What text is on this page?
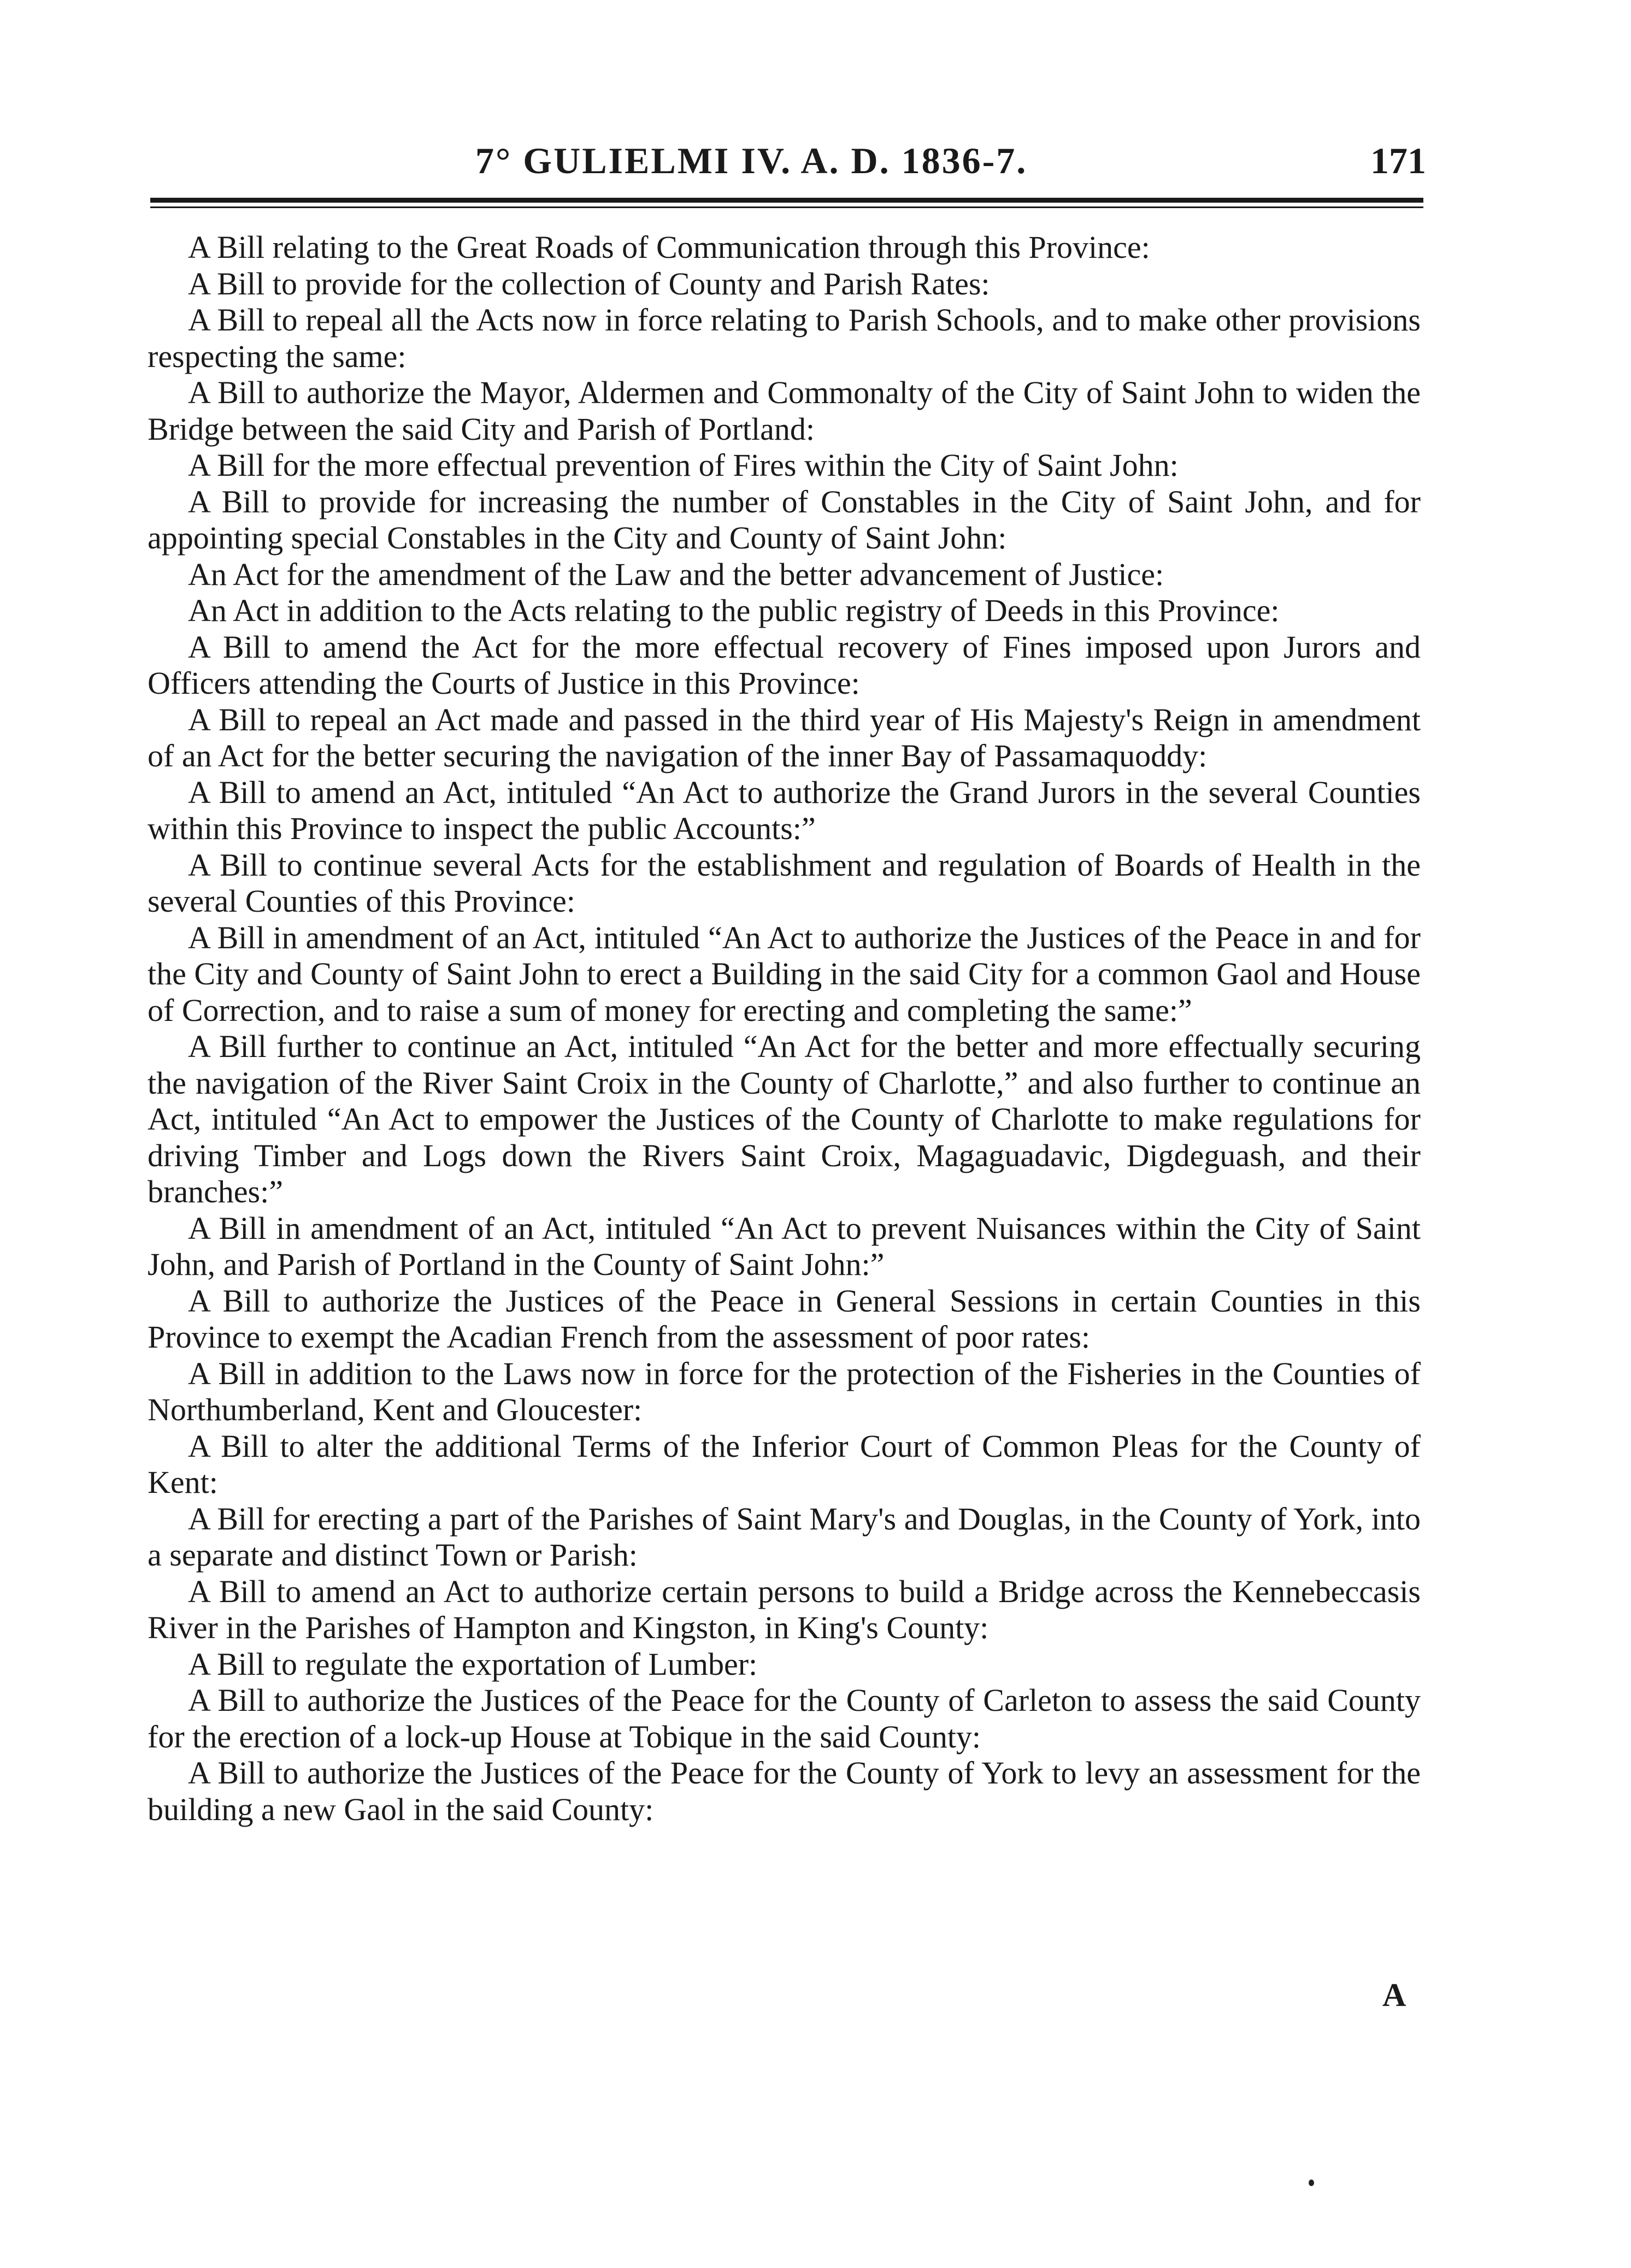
7° GULIELMI IV. A. D. 1836-7.	171

A Bill relating to the Great Roads of Communication through this Province:

A Bill to provide for the collection of County and Parish Rates:

A Bill to repeal all the Acts now in force relating to Parish Schools, and to make other provisions respecting the same:

A Bill to authorize the Mayor, Aldermen and Commonalty of the City of Saint John to widen the Bridge between the said City and Parish of Portland:

A Bill for the more effectual prevention of Fires within the City of Saint John:

A Bill to provide for increasing the number of Constables in the City of Saint John, and for appointing special Constables in the City and County of Saint John:

An Act for the amendment of the Law and the better advancement of Justice:

An Act in addition to the Acts relating to the public registry of Deeds in this Province:

A Bill to amend the Act for the more effectual recovery of Fines imposed upon Jurors and Officers attending the Courts of Justice in this Province:

A Bill to repeal an Act made and passed in the third year of His Majesty's Reign in amendment of an Act for the better securing the navigation of the inner Bay of Passamaquoddy:

A Bill to amend an Act, intituled “An Act to authorize the Grand Jurors in the several Counties within this Province to inspect the public Accounts:”

A Bill to continue several Acts for the establishment and regulation of Boards of Health in the several Counties of this Province:

A Bill in amendment of an Act, intituled “An Act to authorize the Justices of the Peace in and for the City and County of Saint John to erect a Building in the said City for a common Gaol and House of Correction, and to raise a sum of money for erecting and completing the same:”

A Bill further to continue an Act, intituled “An Act for the better and more effectually securing the navigation of the River Saint Croix in the County of Charlotte,” and also further to continue an Act, intituled “An Act to empower the Justices of the County of Charlotte to make regulations for driving Timber and Logs down the Rivers Saint Croix, Magaguadavic, Digdeguash, and their branches:”

A Bill in amendment of an Act, intituled “An Act to prevent Nuisances within the City of Saint John, and Parish of Portland in the County of Saint John:”

A Bill to authorize the Justices of the Peace in General Sessions in certain Counties in this Province to exempt the Acadian French from the assessment of poor rates:

A Bill in addition to the Laws now in force for the protection of the Fisheries in the Counties of Northumberland, Kent and Gloucester:

A Bill to alter the additional Terms of the Inferior Court of Common Pleas for the County of Kent:

A Bill for erecting a part of the Parishes of Saint Mary's and Douglas, in the County of York, into a separate and distinct Town or Parish:

A Bill to amend an Act to authorize certain persons to build a Bridge across the Kennebeccasis River in the Parishes of Hampton and Kingston, in King's County:

A Bill to regulate the exportation of Lumber:

A Bill to authorize the Justices of the Peace for the County of Carleton to assess the said County for the erection of a lock-up House at Tobique in the said County:

A Bill to authorize the Justices of the Peace for the County of York to levy an assessment for the building a new Gaol in the said County:

A
